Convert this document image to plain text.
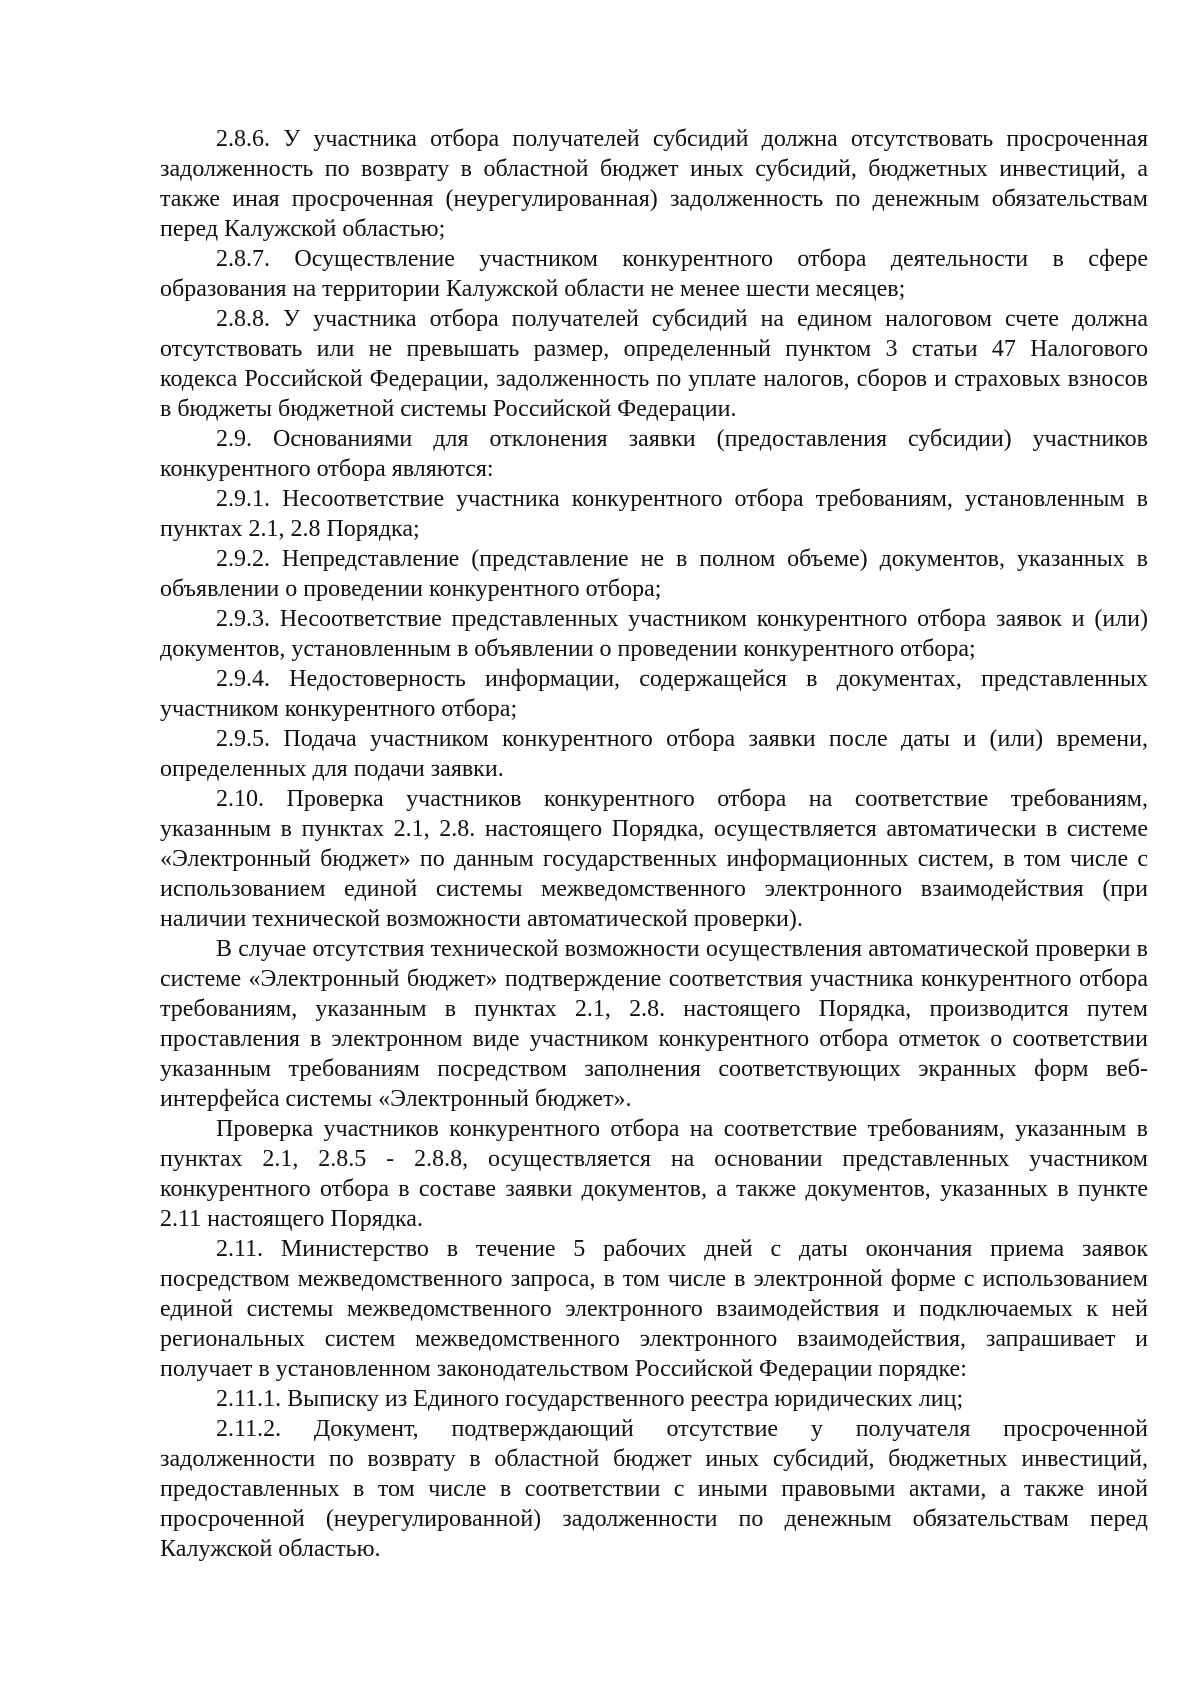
2.8.6. У участника отбора получателей субсидий должна отсутствовать просроченная задолженность по возврату в областной бюджет иных субсидий, бюджетных инвестиций, а также иная просроченная (неурегулированная) задолженность по денежным обязательствам перед Калужской областью;

2.8.7. Осуществление участником конкурентного отбора деятельности в сфере образования на территории Калужской области не менее шести месяцев;

2.8.8. У участника отбора получателей субсидий на едином налоговом счете должна отсутствовать или не превышать размер, определенный пунктом 3 статьи 47 Налогового кодекса Российской Федерации, задолженность по уплате налогов, сборов и страховых взносов в бюджеты бюджетной системы Российской Федерации.

2.9. Основаниями для отклонения заявки (предоставления субсидии) участников конкурентного отбора являются:

2.9.1. Несоответствие участника конкурентного отбора требованиям, установленным в пунктах 2.1, 2.8 Порядка;

2.9.2. Непредставление (представление не в полном объеме) документов, указанных в объявлении о проведении конкурентного отбора;

2.9.3. Несоответствие представленных участником конкурентного отбора заявок и (или) документов, установленным в объявлении о проведении конкурентного отбора;

2.9.4. Недостоверность информации, содержащейся в документах, представленных участником конкурентного отбора;

2.9.5. Подача участником конкурентного отбора заявки после даты и (или) времени, определенных для подачи заявки.

2.10. Проверка участников конкурентного отбора на соответствие требованиям, указанным в пунктах 2.1, 2.8. настоящего Порядка, осуществляется автоматически в системе «Электронный бюджет» по данным государственных информационных систем, в том числе с использованием единой системы межведомственного электронного взаимодействия (при наличии технической возможности автоматической проверки).

В случае отсутствия технической возможности осуществления автоматической проверки в системе «Электронный бюджет» подтверждение соответствия участника конкурентного отбора требованиям, указанным в пунктах 2.1, 2.8. настоящего Порядка, производится путем проставления в электронном виде участником конкурентного отбора отметок о соответствии указанным требованиям посредством заполнения соответствующих экранных форм веб-интерфейса системы «Электронный бюджет».

Проверка участников конкурентного отбора на соответствие требованиям, указанным в пунктах 2.1, 2.8.5 - 2.8.8, осуществляется на основании представленных участником конкурентного отбора в составе заявки документов, а также документов, указанных в пункте 2.11 настоящего Порядка.

2.11. Министерство в течение 5 рабочих дней с даты окончания приема заявок посредством межведомственного запроса, в том числе в электронной форме с использованием единой системы межведомственного электронного взаимодействия и подключаемых к ней региональных систем межведомственного электронного взаимодействия, запрашивает и получает в установленном законодательством Российской Федерации порядке:

2.11.1. Выписку из Единого государственного реестра юридических лиц;

2.11.2. Документ, подтверждающий отсутствие у получателя просроченной задолженности по возврату в областной бюджет иных субсидий, бюджетных инвестиций, предоставленных в том числе в соответствии с иными правовыми актами, а также иной просроченной (неурегулированной) задолженности по денежным обязательствам перед Калужской областью.
